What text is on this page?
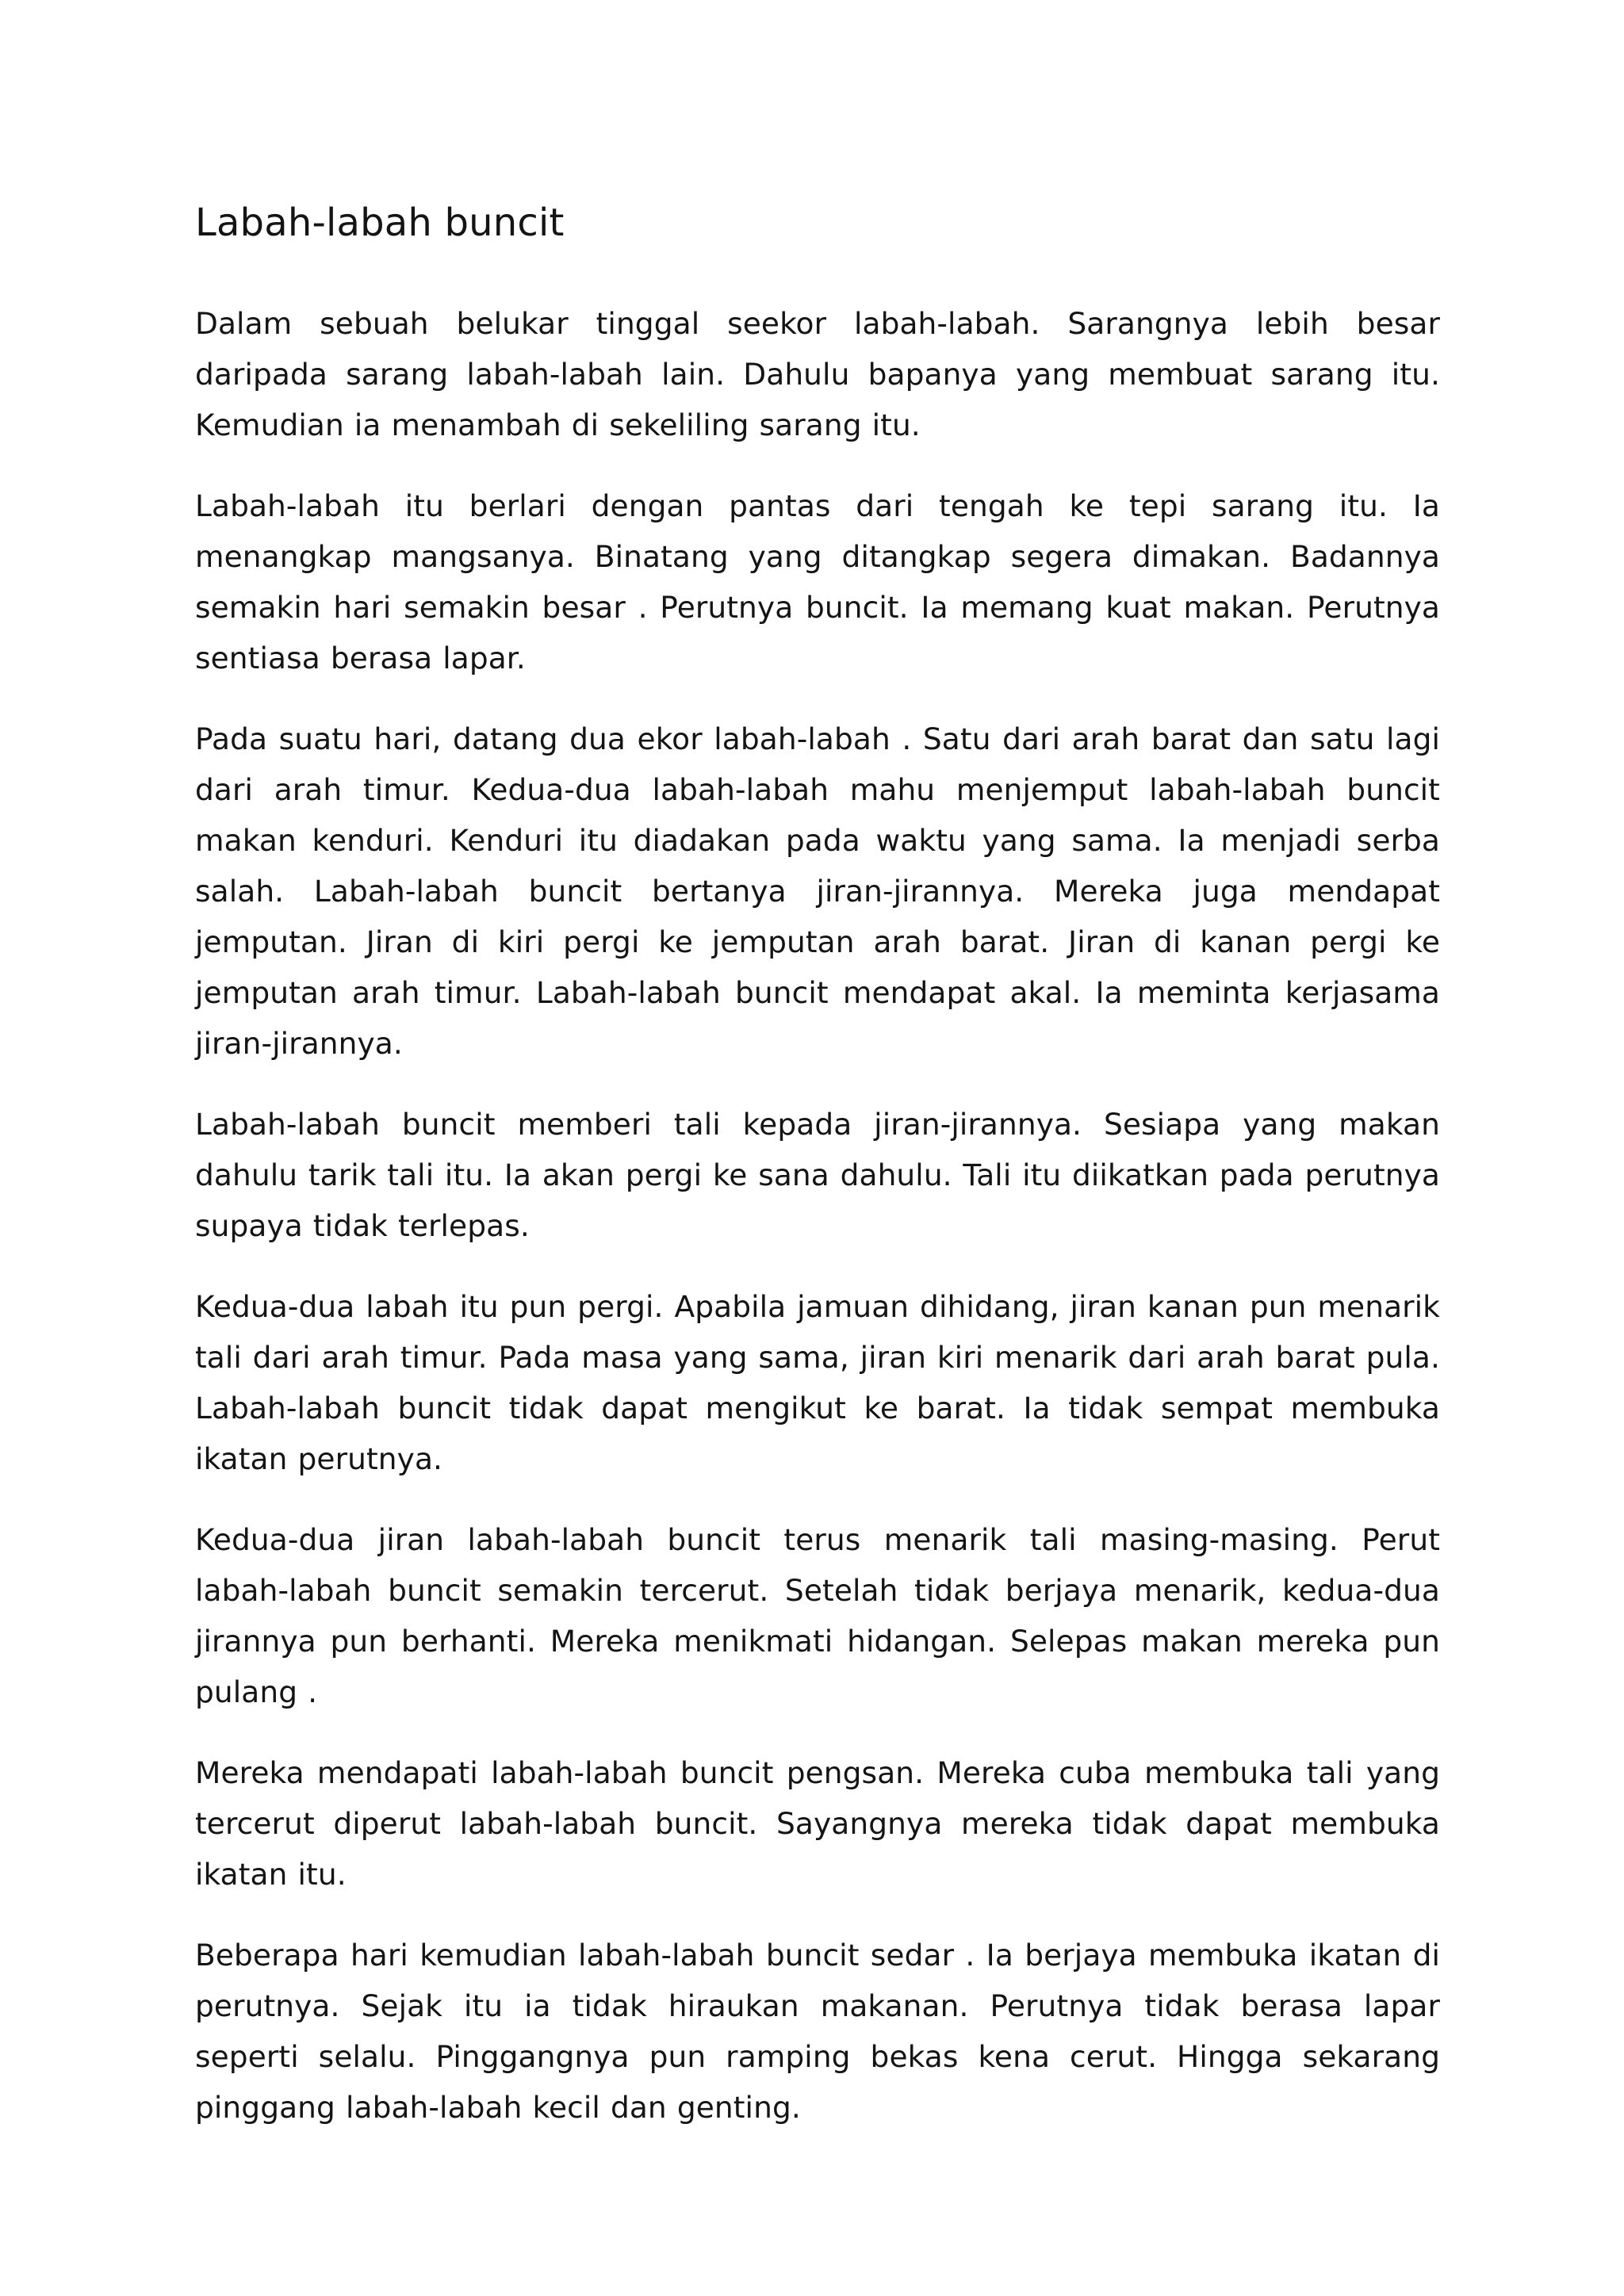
Labah-labah buncit

Dalam sebuah belukar tinggal seekor labah-labah. Sarangnya lebih besar daripada sarang labah-labah lain. Dahulu bapanya yang membuat sarang itu. Kemudian ia menambah di sekeliling sarang itu.

Labah-labah itu berlari dengan pantas dari tengah ke tepi sarang itu. Ia menangkap mangsanya. Binatang yang ditangkap segera dimakan. Badannya semakin hari semakin besar . Perutnya buncit. Ia memang kuat makan. Perutnya sentiasa berasa lapar.

Pada suatu hari, datang dua ekor labah-labah . Satu dari arah barat dan satu lagi dari arah timur. Kedua-dua labah-labah mahu menjemput labah-labah buncit makan kenduri. Kenduri itu diadakan pada waktu yang sama. Ia menjadi serba salah. Labah-labah buncit bertanya jiran-jirannya. Mereka juga mendapat jemputan. Jiran di kiri pergi ke jemputan arah barat. Jiran di kanan pergi ke jemputan arah timur. Labah-labah buncit mendapat akal. Ia meminta kerjasama jiran-jirannya.

Labah-labah buncit memberi tali kepada jiran-jirannya. Sesiapa yang makan dahulu tarik tali itu. Ia akan pergi ke sana dahulu. Tali itu diikatkan pada perutnya supaya tidak terlepas.

Kedua-dua labah itu pun pergi. Apabila jamuan dihidang, jiran kanan pun menarik tali dari arah timur. Pada masa yang sama, jiran kiri menarik dari arah barat pula. Labah-labah buncit tidak dapat mengikut ke barat. Ia tidak sempat membuka ikatan perutnya.

Kedua-dua jiran labah-labah buncit terus menarik tali masing-masing. Perut labah-labah buncit semakin tercerut. Setelah tidak berjaya menarik, kedua-dua jirannya pun berhanti. Mereka menikmati hidangan. Selepas makan mereka pun pulang .

Mereka mendapati labah-labah buncit pengsan. Mereka cuba membuka tali yang tercerut diperut labah-labah buncit. Sayangnya mereka tidak dapat membuka ikatan itu.

Beberapa hari kemudian labah-labah buncit sedar . Ia berjaya membuka ikatan di perutnya. Sejak itu ia tidak hiraukan makanan. Perutnya tidak berasa lapar seperti selalu. Pinggangnya pun ramping bekas kena cerut. Hingga sekarang pinggang labah-labah kecil dan genting.
